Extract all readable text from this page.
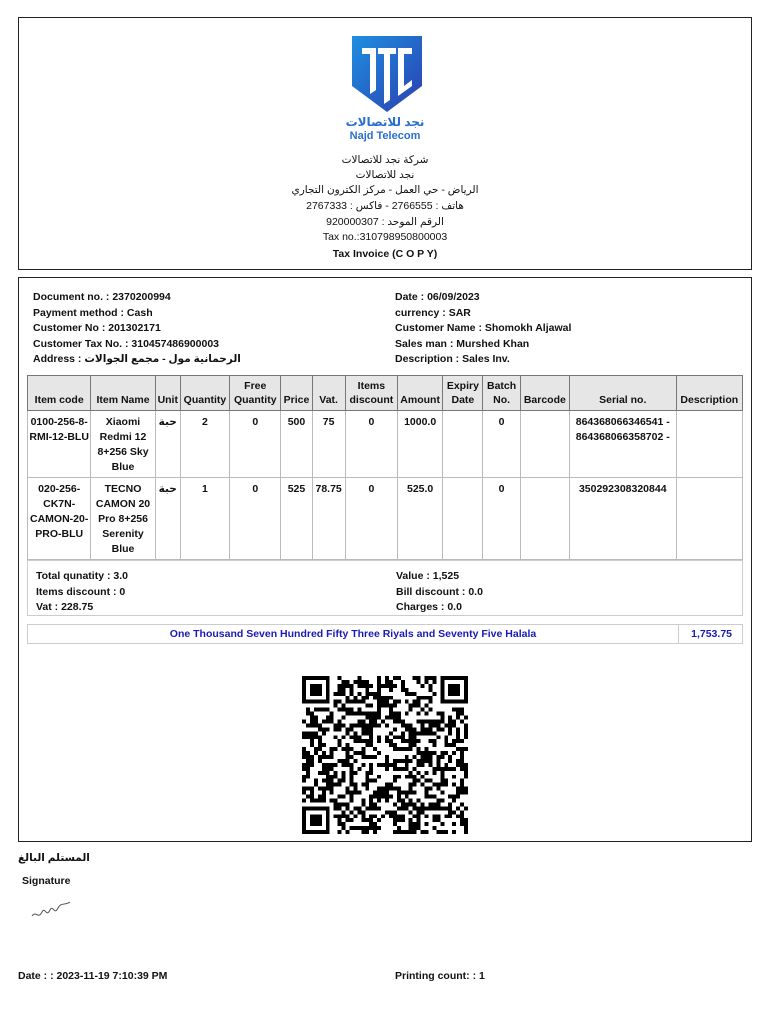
نجد للاتصالات
Najd Telecom
شركة نجد للاتصالات
نجد للاتصالات
الرياض - حي العمل - مركز الكترون التجاري
هاتف : 2766555 - فاكس : 2767333
الرقم الموحد : 920000307
Tax no.:310798950800003
Tax Invoice (C O P Y)
Document no. : 2370200994
Payment method : Cash
Customer No : 201302171
Customer Tax No. : 310457486900003
Address : الرحمانية مول - مجمع الجوالات
Date : 06/09/2023
currency : SAR
Customer Name : Shomokh Aljawal
Sales man : Murshed Khan
Description : Sales Inv.
Item code	Item Name	Unit	Quantity	Free Quantity	Price	Vat.	Items discount	Amount	Expiry Date	Batch No.	Barcode	Serial no.	Description
0100-256-8-RMI-12-BLU	Xiaomi Redmi 12 8+256 Sky Blue	حبة	2	0	500	75	0	1000.0		0		864368066346541 - 864368066358702 -	
020-256-CK7N-CAMON-20-PRO-BLU	TECNO CAMON 20 Pro 8+256 Serenity Blue	حبة	1	0	525	78.75	0	525.0		0		350292308320844	
Total qunatity : 3.0
Items discount : 0
Vat : 228.75
Value : 1,525
Bill discount : 0.0
Charges : 0.0
One Thousand Seven Hundred Fifty Three Riyals and Seventy Five Halala	1,753.75
المستلم البالغ
Signature
Date : : 2023-11-19 7:10:39 PM	Printing count: : 1
